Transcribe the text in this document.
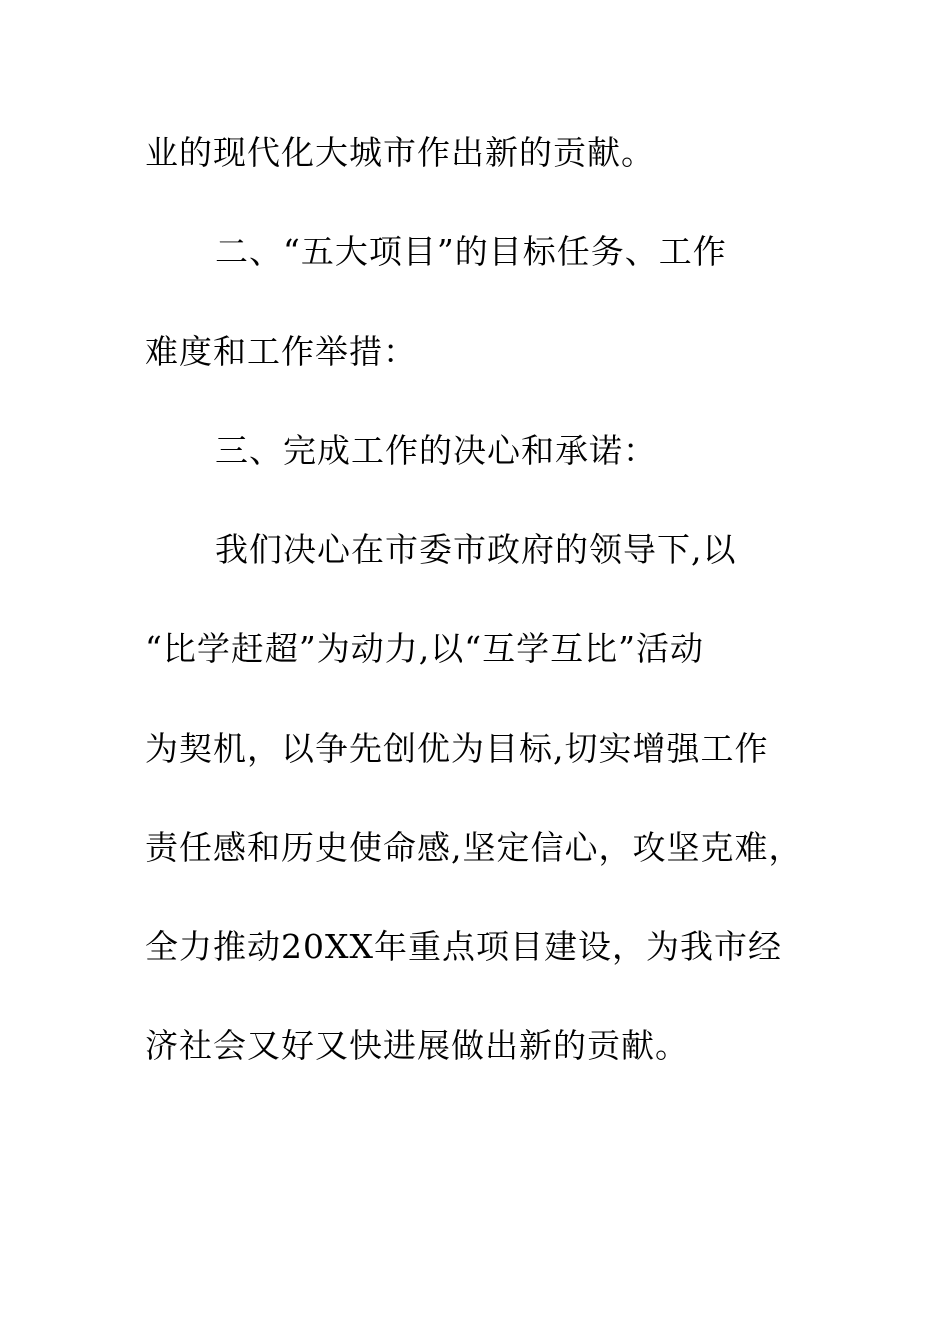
业的现代化大城市作出新的贡献。

二、“五大项目”的目标任务、工作

难度和工作举措：

三、完成工作的决心和承诺：

我们决心在市委市政府的领导下,以

“比学赶超”为动力,以“互学互比”活动

为契机，以争先创优为目标,切实增强工作

责任感和历史使命感,坚定信心，攻坚克难，

全力推动20XX年重点项目建设，为我市经

济社会又好又快进展做出新的贡献。
